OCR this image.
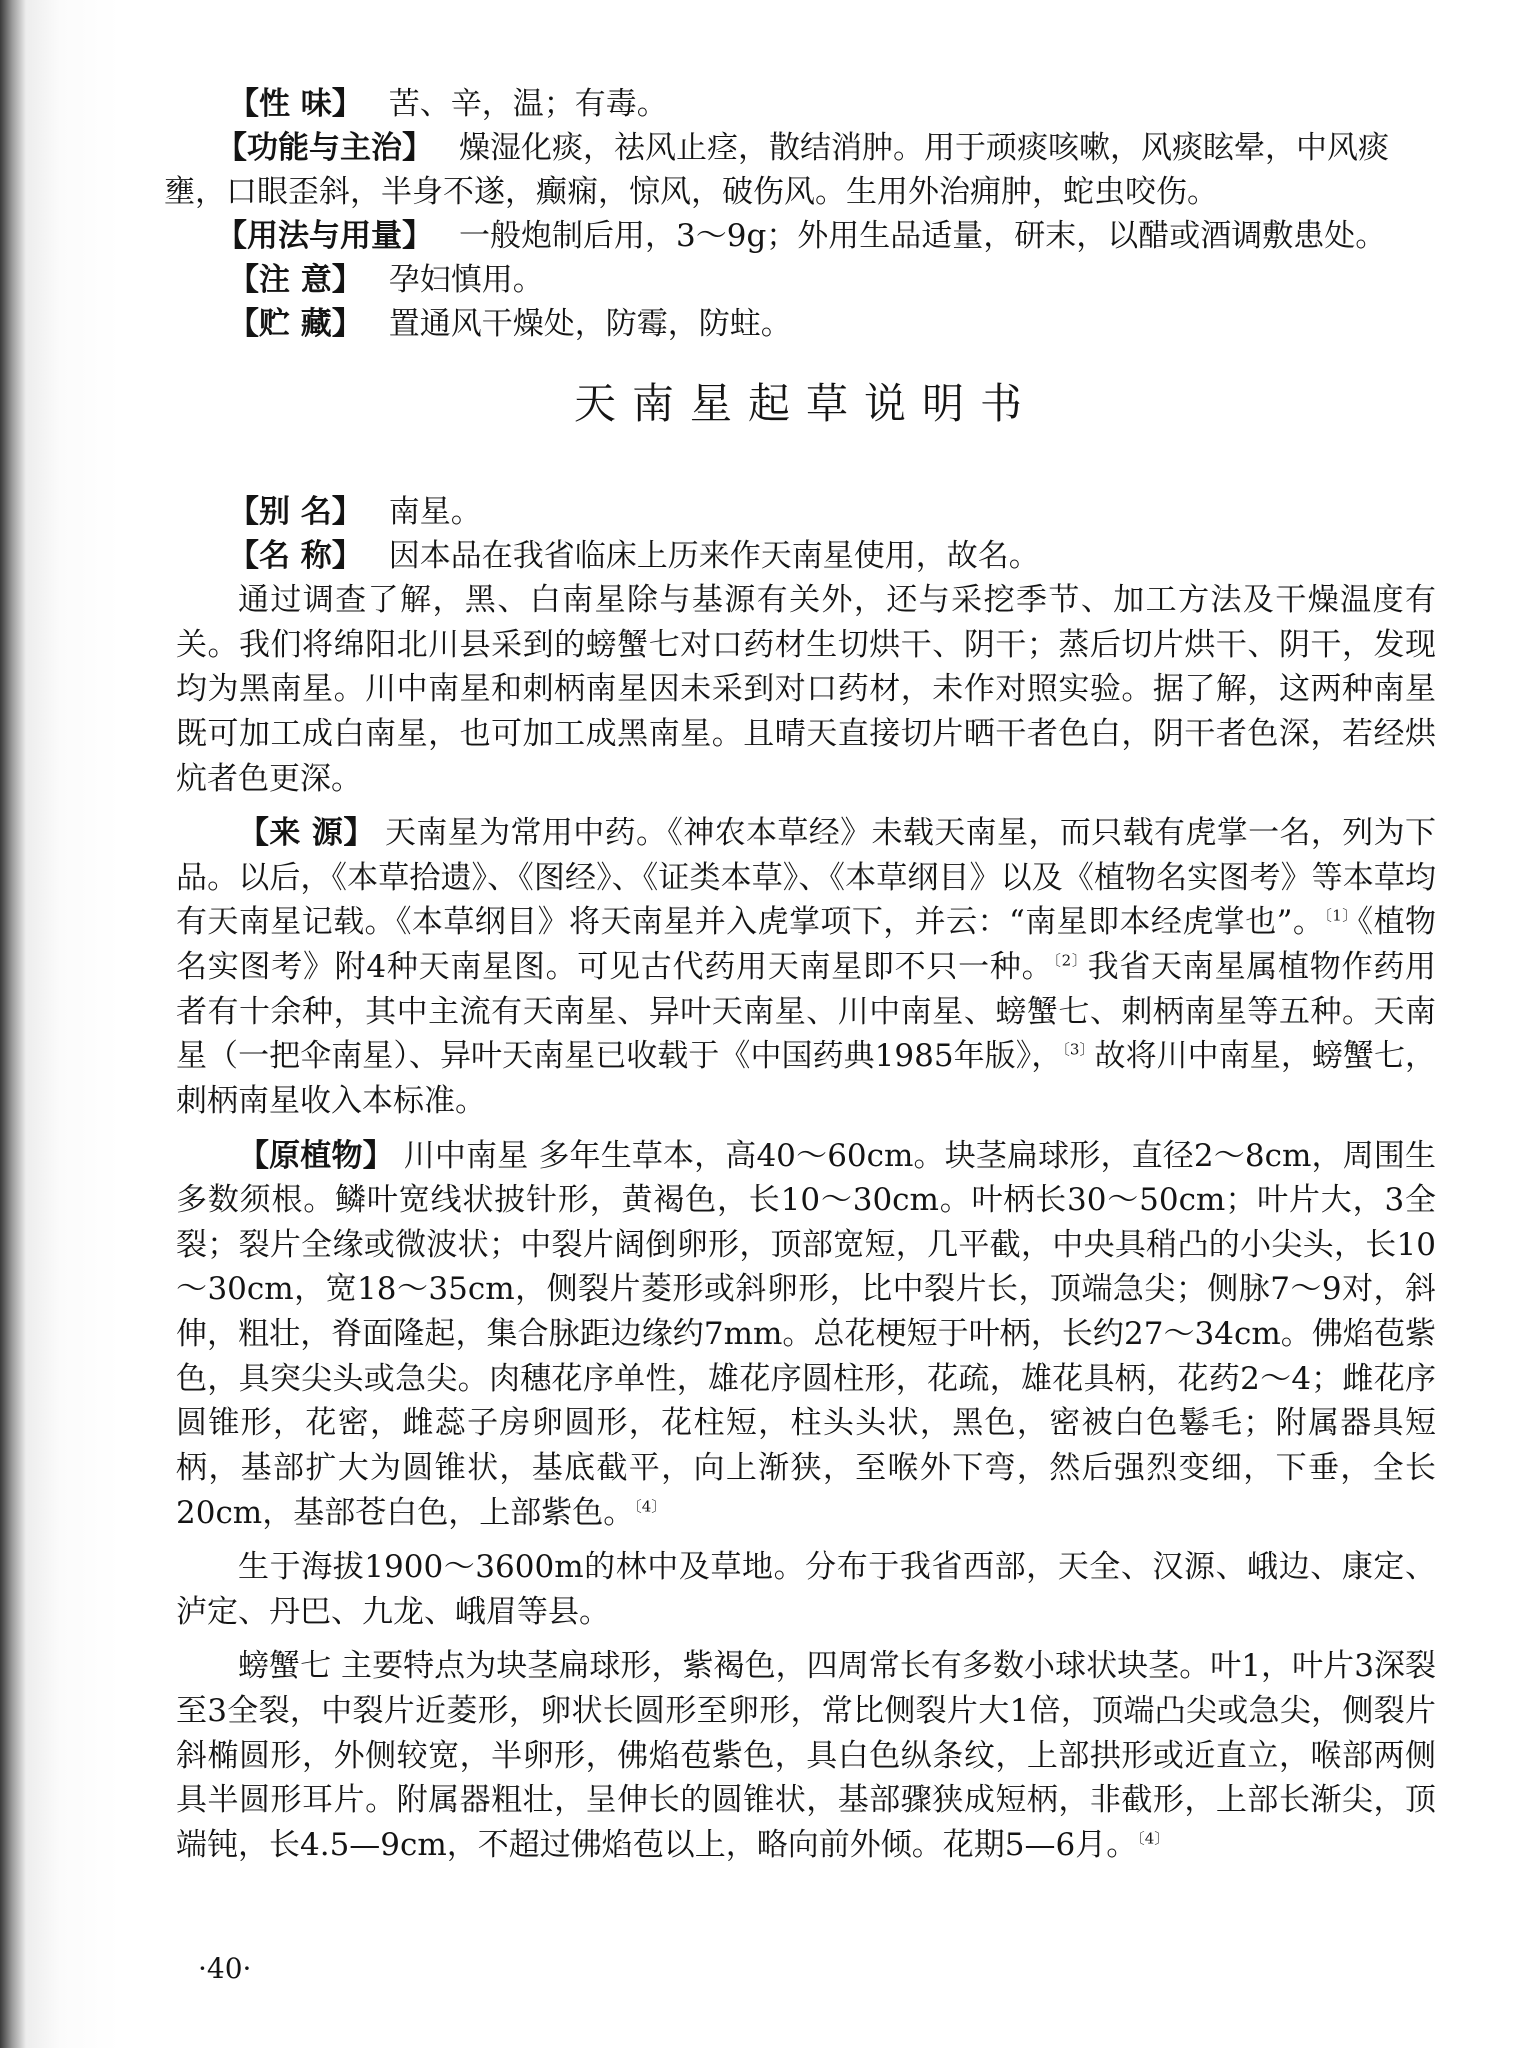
【性 味】 苦、辛，温；有毒。
【功能与主治】 燥湿化痰，祛风止痉，散结消肿。用于顽痰咳嗽，风痰眩晕，中风痰
壅，口眼歪斜，半身不遂，癫痫，惊风，破伤风。生用外治痈肿，蛇虫咬伤。
【用法与用量】 一般炮制后用，3～9g；外用生品适量，研末，以醋或酒调敷患处。
【注 意】 孕妇慎用。
【贮 藏】 置通风干燥处，防霉，防蛀。
天南星起草说明书
【别 名】 南星。
【名 称】 因本品在我省临床上历来作天南星使用，故名。

通过调查了解，黑、白南星除与基源有关外，还与采挖季节、加工方法及干燥温度有关。我们将绵阳北川县采到的螃蟹七对口药材生切烘干、阴干；蒸后切片烘干、阴干，发现均为黑南星。川中南星和刺柄南星因未采到对口药材，未作对照实验。据了解，这两种南星既可加工成白南星，也可加工成黑南星。且晴天直接切片晒干者色白，阴干者色深，若经烘炕者色更深。

【来 源】 天南星为常用中药。《神农本草经》未载天南星，而只载有虎掌一名，列为下品。以后，《本草拾遗》、《图经》、《证类本草》、《本草纲目》以及《植物名实图考》等本草均有天南星记载。《本草纲目》将天南星并入虎掌项下，并云：“南星即本经虎掌也”。$^{〔1〕}$《植物名实图考》附4种天南星图。可见古代药用天南星即不只一种。$^{〔2〕}$我省天南星属植物作药用者有十余种，其中主流有天南星、异叶天南星、川中南星、螃蟹七、刺柄南星等五种。天南星（一把伞南星）、异叶天南星已收载于《中国药典1985年版》，$^{〔3〕}$故将川中南星，螃蟹七，刺柄南星收入本标准。

【原植物】 川中南星 多年生草本，高40～60cm。块茎扁球形，直径2～8cm，周围生多数须根。鳞叶宽线状披针形，黄褐色，长10～30cm。叶柄长30～50cm；叶片大，3全裂；裂片全缘或微波状；中裂片阔倒卵形，顶部宽短，几平截，中央具稍凸的小尖头，长10～30cm，宽18～35cm，侧裂片菱形或斜卵形，比中裂片长，顶端急尖；侧脉7～9对，斜伸，粗壮，脊面隆起，集合脉距边缘约7mm。总花梗短于叶柄，长约27～34cm。佛焰苞紫色，具突尖头或急尖。肉穗花序单性，雄花序圆柱形，花疏，雄花具柄，花药2～4；雌花序圆锥形，花密，雌蕊子房卵圆形，花柱短，柱头头状，黑色，密被白色鬈毛；附属器具短柄，基部扩大为圆锥状，基底截平，向上渐狭，至喉外下弯，然后强烈变细，下垂，全长20cm，基部苍白色，上部紫色。$^{〔4〕}$

生于海拔1900～3600m的林中及草地。分布于我省西部，天全、汉源、峨边、康定、泸定、丹巴、九龙、峨眉等县。

螃蟹七 主要特点为块茎扁球形，紫褐色，四周常长有多数小球状块茎。叶1，叶片3深裂至3全裂，中裂片近菱形，卵状长圆形至卵形，常比侧裂片大1倍，顶端凸尖或急尖，侧裂片斜椭圆形，外侧较宽，半卵形，佛焰苞紫色，具白色纵条纹，上部拱形或近直立，喉部两侧具半圆形耳片。附属器粗壮，呈伸长的圆锥状，基部骤狭成短柄，非截形，上部长渐尖，顶端钝，长4.5—9cm，不超过佛焰苞以上，略向前外倾。花期5—6月。$^{〔4〕}$

·40·
